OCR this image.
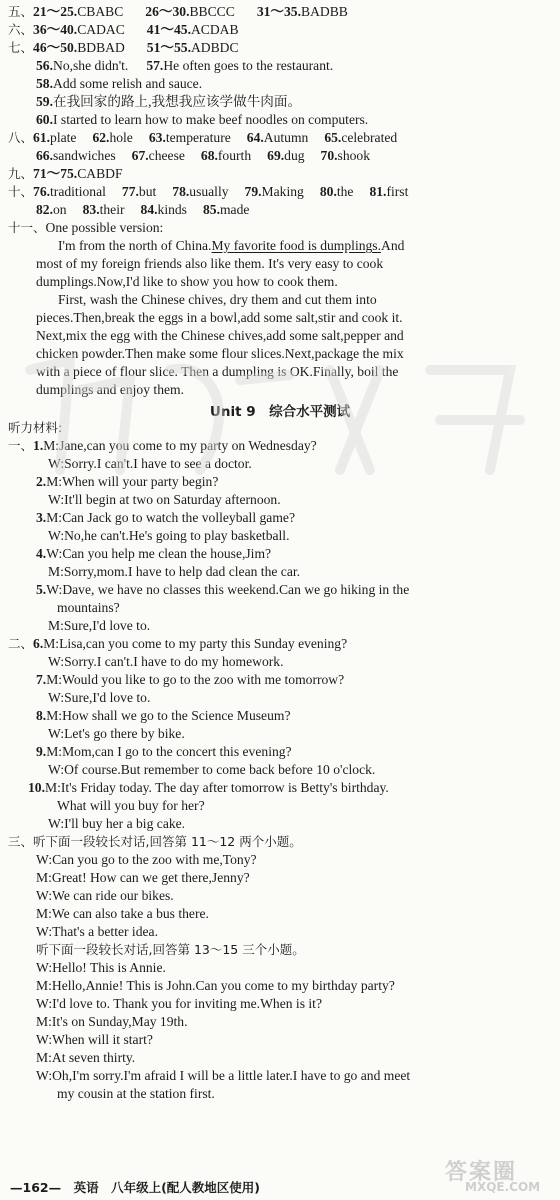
五、21～25.CBABC 26～30.BBCCC 31～35.BADBB
六、36～40.CADAC 41～45.ACDAB
七、46～50.BDBAD 51～55.ADBDC
56.No,she didn't. 57.He often goes to the restaurant.
58.Add some relish and sauce.
59.在我回家的路上,我想我应该学做牛肉面。
60.I started to learn how to make beef noodles on computers.
八、61.plate 62.hole 63.temperature 64.Autumn 65.celebrated
66.sandwiches 67.cheese 68.fourth 69.dug 70.shook
九、71～75.CABDF
十、76.traditional 77.but 78.usually 79.Making 80.the 81.first
82.on 83.their 84.kinds 85.made
十一、One possible version:
I'm from the north of China.My favorite food is dumplings.And
most of my foreign friends also like them. It's very easy to cook
dumplings.Now,I'd like to show you how to cook them.
First, wash the Chinese chives, dry them and cut them into
pieces.Then,break the eggs in a bowl,add some salt,stir and cook it.
Next,mix the egg with the Chinese chives,add some salt,pepper and
chicken powder.Then make some flour slices.Next,package the mix
with a piece of flour slice. Then a dumpling is OK.Finally, boil the
dumplings and enjoy them.
Unit 9　综合水平测试
听力材料:
一、1.M:Jane,can you come to my party on Wednesday?
W:Sorry.I can't.I have to see a doctor.
2.M:When will your party begin?
W:It'll begin at two on Saturday afternoon.
3.M:Can Jack go to watch the volleyball game?
W:No,he can't.He's going to play basketball.
4.W:Can you help me clean the house,Jim?
M:Sorry,mom.I have to help dad clean the car.
5.W:Dave, we have no classes this weekend.Can we go hiking in the
mountains?
M:Sure,I'd love to.
二、6.M:Lisa,can you come to my party this Sunday evening?
W:Sorry.I can't.I have to do my homework.
7.M:Would you like to go to the zoo with me tomorrow?
W:Sure,I'd love to.
8.M:How shall we go to the Science Museum?
W:Let's go there by bike.
9.M:Mom,can I go to the concert this evening?
W:Of course.But remember to come back before 10 o'clock.
10.M:It's Friday today. The day after tomorrow is Betty's birthday.
What will you buy for her?
W:I'll buy her a big cake.
三、听下面一段较长对话,回答第 11～12 两个小题。
W:Can you go to the zoo with me,Tony?
M:Great! How can we get there,Jenny?
W:We can ride our bikes.
M:We can also take a bus there.
W:That's a better idea.
听下面一段较长对话,回答第 13～15 三个小题。
W:Hello! This is Annie.
M:Hello,Annie! This is John.Can you come to my birthday party?
W:I'd love to. Thank you for inviting me.When is it?
M:It's on Sunday,May 19th.
W:When will it start?
M:At seven thirty.
W:Oh,I'm sorry.I'm afraid I will be a little later.I have to go and meet
my cousin at the station first.
—162—　英语　八年级上(配人教地区使用)
答案圈
MXQE.COM
